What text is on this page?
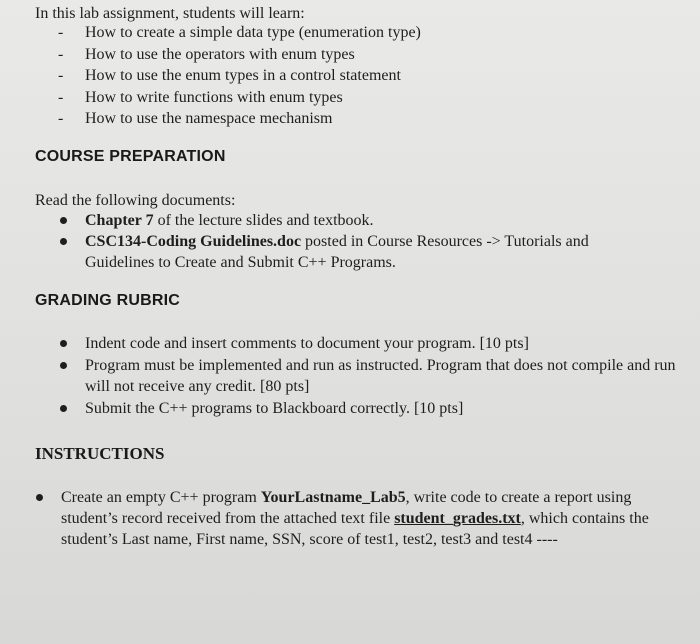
In this lab assignment, students will learn:
- How to create a simple data type (enumeration type)
- How to use the operators with enum types
- How to use the enum types in a control statement
- How to write functions with enum types
- How to use the namespace mechanism
COURSE PREPARATION
Read the following documents:
Chapter 7 of the lecture slides and textbook.
CSC134-Coding Guidelines.doc posted in Course Resources -> Tutorials and Guidelines to Create and Submit C++ Programs.
GRADING RUBRIC
Indent code and insert comments to document your program. [10 pts]
Program must be implemented and run as instructed. Program that does not compile and run will not receive any credit. [80 pts]
Submit the C++ programs to Blackboard correctly. [10 pts]
INSTRUCTIONS
Create an empty C++ program YourLastname_Lab5, write code to create a report using student’s record received from the attached text file student_grades.txt, which contains the student’s Last name, First name, SSN, score of test1, test2, test3 and test4 ----
